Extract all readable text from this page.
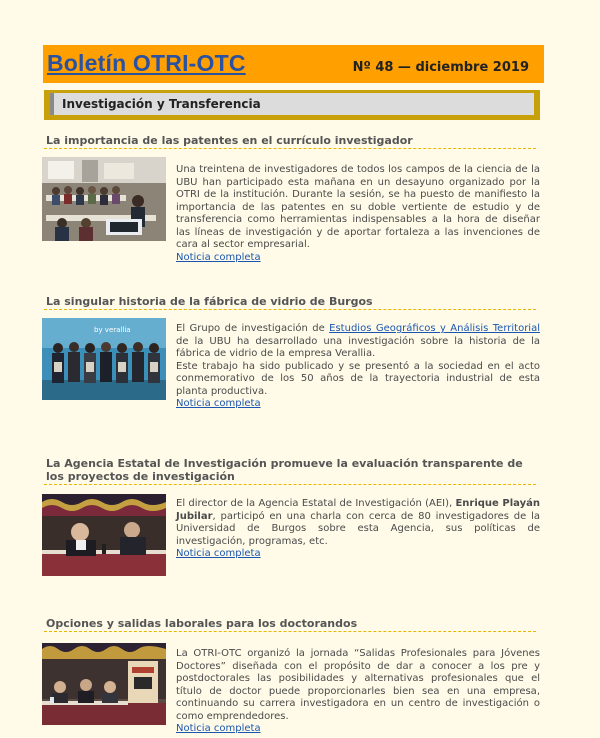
Boletín OTRI-OTC	Nº 48 — diciembre 2019
Investigación y Transferencia
La importancia de las patentes en el currículo investigador

Una treintena de investigadores de todos los campos de la ciencia de la UBU han participado esta mañana en un desayuno organizado por la OTRI de la institución. Durante la sesión, se ha puesto de manifiesto la importancia de las patentes en su doble vertiente de estudio y de transferencia como herramientas indispensables a la hora de diseñar las líneas de investigación y de aportar fortaleza a las invenciones de cara al sector empresarial.

Noticia completa
La singular historia de la fábrica de vidrio de Burgos
by verallia	El Grupo de investigación de Estudios Geográficos y Análisis Territorial de la UBU ha desarrollado una investigación sobre la historia de la fábrica de vidrio de la empresa Verallia.

Este trabajo ha sido publicado y se presentó a la sociedad en el acto conmemorativo de los 50 años de la trayectoria industrial de esta planta productiva.

Noticia completa
La Agencia Estatal de Investigación promueve la evaluación transparente de los proyectos de investigación

El director de la Agencia Estatal de Investigación (AEI), Enrique Playán Jubilar, participó en una charla con cerca de 80 investigadores de la Universidad de Burgos sobre esta Agencia, sus políticas de investigación, programas, etc.

Noticia completa
Opciones y salidas laborales para los doctorandos

La OTRI-OTC organizó la jornada “Salidas Profesionales para Jóvenes Doctores” diseñada con el propósito de dar a conocer a los pre y postdoctorales las posibilidades y alternativas profesionales que el título de doctor puede proporcionarles bien sea en una empresa, continuando su carrera investigadora en un centro de investigación o como emprendedores.

Noticia completa
